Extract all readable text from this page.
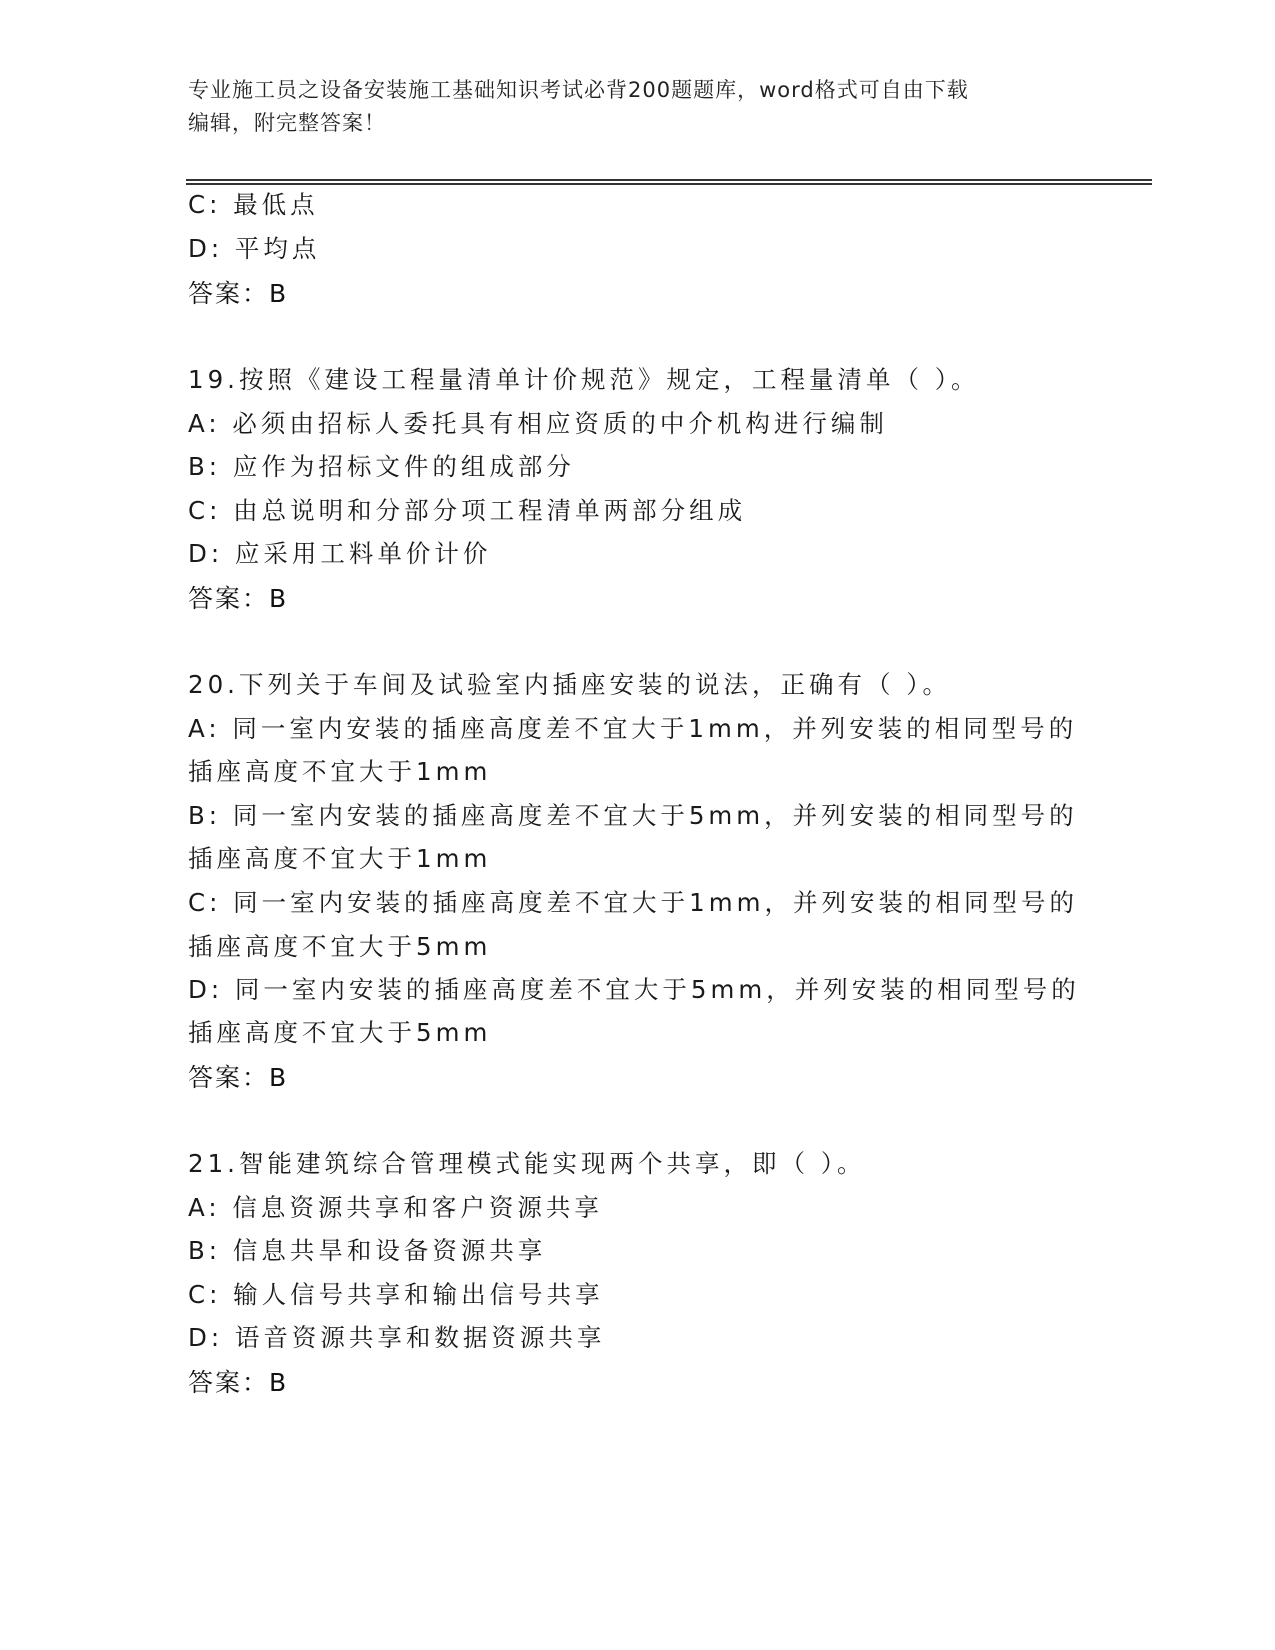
专业施工员之设备安装施工基础知识考试必背200题题库，word格式可自由下载
编辑，附完整答案！
C: 最低点
D: 平均点
答案：B
19.按照《建设工程量清单计价规范》规定，工程量清单（ ）。
A: 必须由招标人委托具有相应资质的中介机构进行编制
B: 应作为招标文件的组成部分
C: 由总说明和分部分项工程清单两部分组成
D: 应采用工料单价计价
答案：B
20.下列关于车间及试验室内插座安装的说法，正确有（ ）。
A: 同一室内安装的插座高度差不宜大于1mm，并列安装的相同型号的
插座高度不宜大于1mm
B: 同一室内安装的插座高度差不宜大于5mm，并列安装的相同型号的
插座高度不宜大于1mm
C: 同一室内安装的插座高度差不宜大于1mm，并列安装的相同型号的
插座高度不宜大于5mm
D: 同一室内安装的插座高度差不宜大于5mm，并列安装的相同型号的
插座高度不宜大于5mm
答案：B
21.智能建筑综合管理模式能实现两个共享，即（ ）。
A: 信息资源共享和客户资源共享
B: 信息共旱和设备资源共享
C: 输人信号共享和输出信号共享
D: 语音资源共享和数据资源共享
答案：B
